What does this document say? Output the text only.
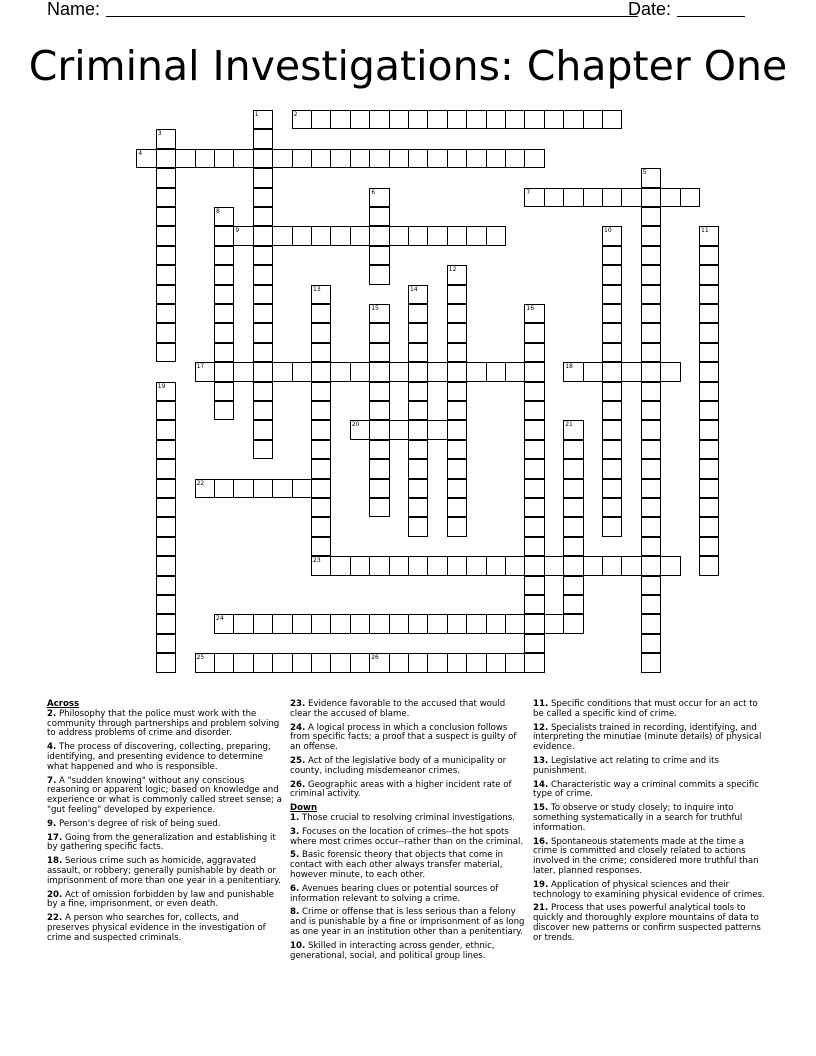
Name:	Date:
Criminal Investigations: Chapter One
1	2
3
4
5
6	7
8
9	10	11
12
13
23
14
15	16
17	18
19
20	21
22
24
25	26
Across
2. Philosophy that the police must work with the community through partnerships and problem solving to address problems of crime and disorder.
4. The process of discovering, collecting, preparing, identifying, and presenting evidence to determine what happened and who is responsible.
7. A "sudden knowing" without any conscious reasoning or apparent logic; based on knowledge and experience or what is commonly called street sense; a "gut feeling" developed by experience.
9. Person's degree of risk of being sued.
17. Going from the generalization and establishing it by gathering specific facts.
18. Serious crime such as homicide, aggravated assault, or robbery; generally punishable by death or imprisonment of more than one year in a penitentiary.
20. Act of omission forbidden by law and punishable by a fine, imprisonment, or even death.
22. A person who searches for, collects, and preserves physical evidence in the investigation of crime and suspected criminals.
23. Evidence favorable to the accused that would clear the accused of blame.
24. A logical process in which a conclusion follows from specific facts; a proof that a suspect is guilty of an offense.
25. Act of the legislative body of a municipality or county, including misdemeanor crimes.
26. Geographic areas with a higher incident rate of criminal activity.
Down
1. Those crucial to resolving criminal investigations.
3. Focuses on the location of crimes--the hot spots where most crimes occur--rather than on the criminal.
5. Basic forensic theory that objects that come in contact with each other always transfer material, however minute, to each other.
6. Avenues bearing clues or potential sources of information relevant to solving a crime.
8. Crime or offense that is less serious than a felony and is punishable by a fine or imprisonment of as long as one year in an institution other than a penitentiary.
10. Skilled in interacting across gender, ethnic, generational, social, and political group lines.
11. Specific conditions that must occur for an act to be called a specific kind of crime.
12. Specialists trained in recording, identifying, and interpreting the minutiae (minute details) of physical evidence.
13. Legislative act relating to crime and its punishment.
14. Characteristic way a criminal commits a specific type of crime.
15. To observe or study closely; to inquire into something systematically in a search for truthful information.
16. Spontaneous statements made at the time a crime is committed and closely related to actions involved in the crime; considered more truthful than later, planned responses.
19. Application of physical sciences and their technology to examining physical evidence of crimes.
21. Process that uses powerful analytical tools to quickly and thoroughly explore mountains of data to discover new patterns or confirm suspected patterns or trends.
